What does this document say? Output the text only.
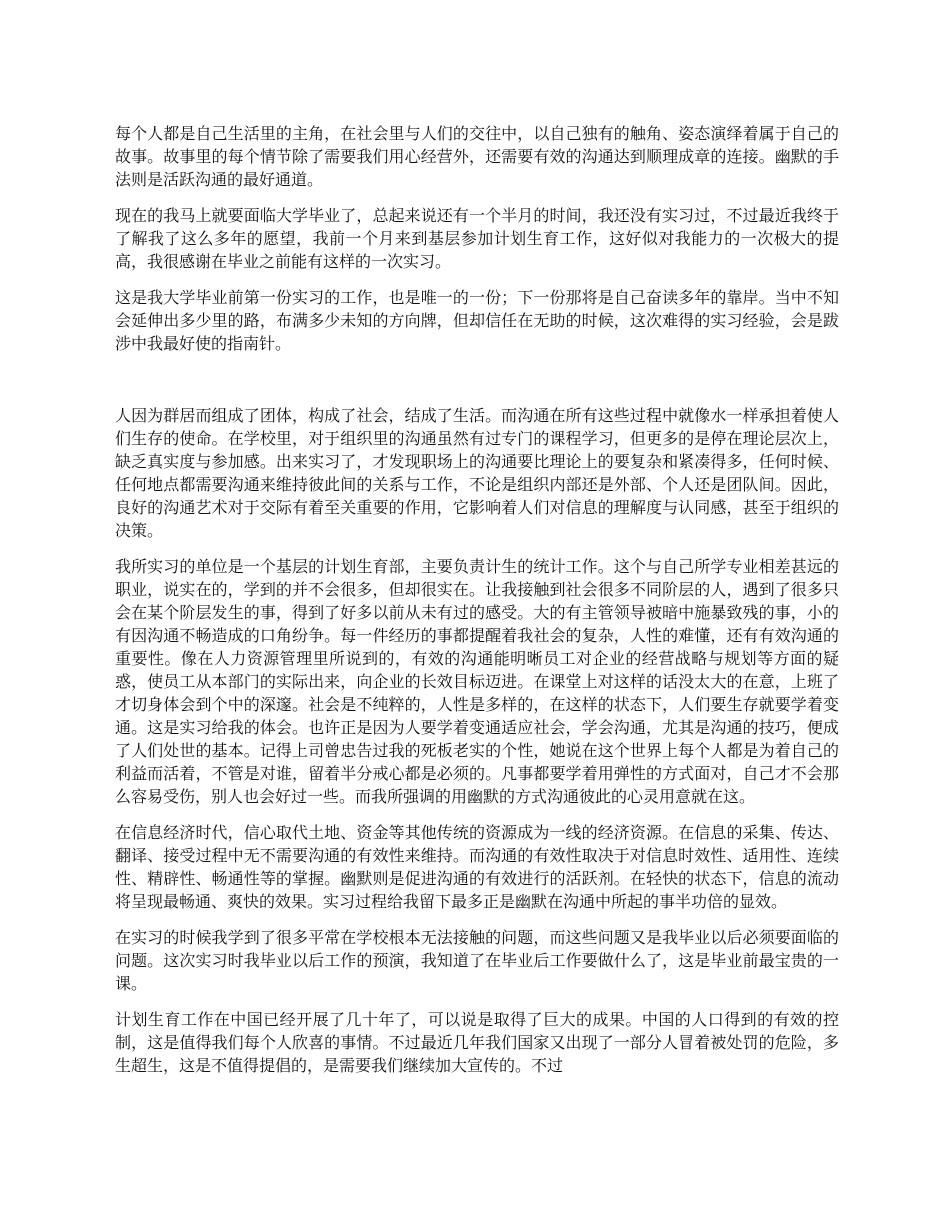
每个人都是自己生活里的主角，在社会里与人们的交往中，以自己独有的触角、姿态演绎着属于自己的故事。故事里的每个情节除了需要我们用心经营外，还需要有效的沟通达到顺理成章的连接。幽默的手法则是活跃沟通的最好通道。

现在的我马上就要面临大学毕业了，总起来说还有一个半月的时间，我还没有实习过，不过最近我终于了解我了这么多年的愿望，我前一个月来到基层参加计划生育工作，这好似对我能力的一次极大的提高，我很感谢在毕业之前能有这样的一次实习。

这是我大学毕业前第一份实习的工作，也是唯一的一份；下一份那将是自己奋读多年的靠岸。当中不知会延伸出多少里的路，布满多少未知的方向牌，但却信任在无助的时候，这次难得的实习经验，会是跋涉中我最好使的指南针。

人因为群居而组成了团体，构成了社会，结成了生活。而沟通在所有这些过程中就像水一样承担着使人们生存的使命。在学校里，对于组织里的沟通虽然有过专门的课程学习，但更多的是停在理论层次上，缺乏真实度与参加感。出来实习了，才发现职场上的沟通要比理论上的要复杂和紧凑得多，任何时候、任何地点都需要沟通来维持彼此间的关系与工作，不论是组织内部还是外部、个人还是团队间。因此，良好的沟通艺术对于交际有着至关重要的作用，它影响着人们对信息的理解度与认同感，甚至于组织的决策。

我所实习的单位是一个基层的计划生育部，主要负责计生的统计工作。这个与自己所学专业相差甚远的职业，说实在的，学到的并不会很多，但却很实在。让我接触到社会很多不同阶层的人，遇到了很多只会在某个阶层发生的事，得到了好多以前从未有过的感受。大的有主管领导被暗中施暴致残的事，小的有因沟通不畅造成的口角纷争。每一件经历的事都提醒着我社会的复杂，人性的难懂，还有有效沟通的重要性。像在人力资源管理里所说到的，有效的沟通能明晰员工对企业的经营战略与规划等方面的疑惑，使员工从本部门的实际出来，向企业的长效目标迈进。在课堂上对这样的话没太大的在意，上班了才切身体会到个中的深邃。社会是不纯粹的，人性是多样的，在这样的状态下，人们要生存就要学着变通。这是实习给我的体会。也许正是因为人要学着变通适应社会，学会沟通，尤其是沟通的技巧，便成了人们处世的基本。记得上司曾忠告过我的死板老实的个性，她说在这个世界上每个人都是为着自己的利益而活着，不管是对谁，留着半分戒心都是必须的。凡事都要学着用弹性的方式面对，自己才不会那么容易受伤，别人也会好过一些。而我所强调的用幽默的方式沟通彼此的心灵用意就在这。

在信息经济时代，信心取代土地、资金等其他传统的资源成为一线的经济资源。在信息的采集、传达、翻译、接受过程中无不需要沟通的有效性来维持。而沟通的有效性取决于对信息时效性、适用性、连续性、精辟性、畅通性等的掌握。幽默则是促进沟通的有效进行的活跃剂。在轻快的状态下，信息的流动将呈现最畅通、爽快的效果。实习过程给我留下最多正是幽默在沟通中所起的事半功倍的显效。

在实习的时候我学到了很多平常在学校根本无法接触的问题，而这些问题又是我毕业以后必须要面临的问题。这次实习时我毕业以后工作的预演，我知道了在毕业后工作要做什么了，这是毕业前最宝贵的一课。

计划生育工作在中国已经开展了几十年了，可以说是取得了巨大的成果。中国的人口得到的有效的控制，这是值得我们每个人欣喜的事情。不过最近几年我们国家又出现了一部分人冒着被处罚的危险，多生超生，这是不值得提倡的，是需要我们继续加大宣传的。不过
